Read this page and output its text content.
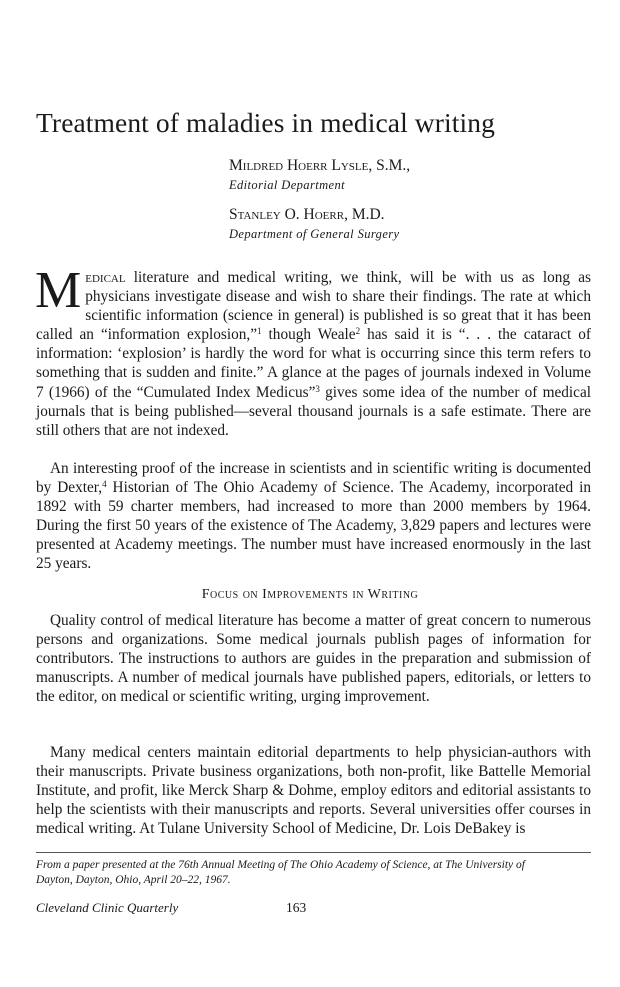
Treatment of maladies in medical writing
Mildred Hoerr Lysle, S.M.,
Editorial Department
Stanley O. Hoerr, M.D.
Department of General Surgery

Medical literature and medical writing, we think, will be with us as long as physicians investigate disease and wish to share their findings. The rate at which scientific information (science in general) is published is so great that it has been called an “information explosion,”$^1$ though Weale$^2$ has said it is “. . . the cataract of information: ‘explosion’ is hardly the word for what is occurring since this term refers to something that is sudden and finite.” A glance at the pages of journals indexed in Volume 7 (1966) of the “Cumulated Index Medicus”$^3$ gives some idea of the number of medical journals that is being published—several thousand journals is a safe estimate. There are still others that are not indexed.

An interesting proof of the increase in scientists and in scientific writing is documented by Dexter,$^4$ Historian of The Ohio Academy of Science. The Academy, incorporated in 1892 with 59 charter members, had increased to more than 2000 members by 1964. During the first 50 years of the existence of The Academy, 3,829 papers and lectures were presented at Academy meetings. The number must have increased enormously in the last 25 years.

Focus on Improvements in Writing

Quality control of medical literature has become a matter of great concern to numerous persons and organizations. Some medical journals publish pages of information for contributors. The instructions to authors are guides in the preparation and submission of manuscripts. A number of medical journals have published papers, editorials, or letters to the editor, on medical or scientific writing, urging improvement.

Many medical centers maintain editorial departments to help physician-authors with their manuscripts. Private business organizations, both non-profit, like Battelle Memorial Institute, and profit, like Merck Sharp & Dohme, employ editors and editorial assistants to help the scientists with their manuscripts and reports. Several universities offer courses in medical writing. At Tulane University School of Medicine, Dr. Lois DeBakey is

From a paper presented at the 76th Annual Meeting of The Ohio Academy of Science, at The University of Dayton, Dayton, Ohio, April 20–22, 1967.
Cleveland Clinic Quarterly	163
